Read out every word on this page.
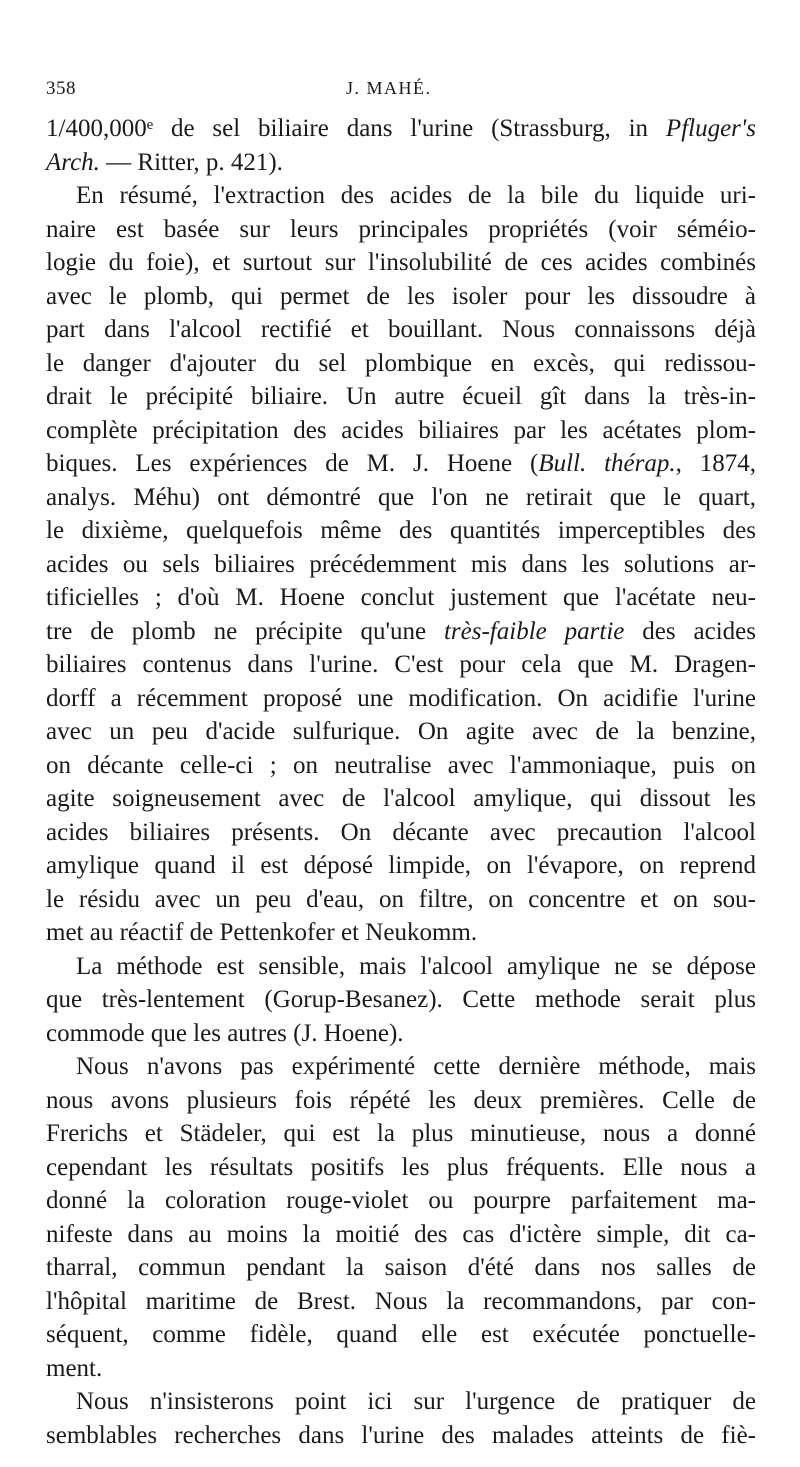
358	J. MAHÉ.

1/400,000ᵉ de sel biliaire dans l'urine (Strassburg, in Pfluger's
Arch. — Ritter, p. 421).

En résumé, l'extraction des acides de la bile du liquide uri-
naire est basée sur leurs principales propriétés (voir séméio-
logie du foie), et surtout sur l'insolubilité de ces acides combinés
avec le plomb, qui permet de les isoler pour les dissoudre à
part dans l'alcool rectifié et bouillant. Nous connaissons déjà
le danger d'ajouter du sel plombique en excès, qui redissou-
drait le précipité biliaire. Un autre écueil gît dans la très-in-
complète précipitation des acides biliaires par les acétates plom-
biques. Les expériences de M. J. Hoene (Bull. thérap., 1874,
analys. Méhu) ont démontré que l'on ne retirait que le quart,
le dixième, quelquefois même des quantités imperceptibles des
acides ou sels biliaires précédemment mis dans les solutions ar-
tificielles ; d'où M. Hoene conclut justement que l'acétate neu-
tre de plomb ne précipite qu'une très-faible partie des acides
biliaires contenus dans l'urine. C'est pour cela que M. Dragen-
dorff a récemment proposé une modification. On acidifie l'urine
avec un peu d'acide sulfurique. On agite avec de la benzine,
on décante celle-ci ; on neutralise avec l'ammoniaque, puis on
agite soigneusement avec de l'alcool amylique, qui dissout les
acides biliaires présents. On décante avec precaution l'alcool
amylique quand il est déposé limpide, on l'évapore, on reprend
le résidu avec un peu d'eau, on filtre, on concentre et on sou-
met au réactif de Pettenkofer et Neukomm.

La méthode est sensible, mais l'alcool amylique ne se dépose
que très-lentement (Gorup-Besanez). Cette methode serait plus
commode que les autres (J. Hoene).

Nous n'avons pas expérimenté cette dernière méthode, mais
nous avons plusieurs fois répété les deux premières. Celle de
Frerichs et Städeler, qui est la plus minutieuse, nous a donné
cependant les résultats positifs les plus fréquents. Elle nous a
donné la coloration rouge-violet ou pourpre parfaitement ma-
nifeste dans au moins la moitié des cas d'ictère simple, dit ca-
tharral, commun pendant la saison d'été dans nos salles de
l'hôpital maritime de Brest. Nous la recommandons, par con-
séquent, comme fidèle, quand elle est exécutée ponctuelle-
ment.

Nous n'insisterons point ici sur l'urgence de pratiquer de
semblables recherches dans l'urine des malades atteints de fiè-
